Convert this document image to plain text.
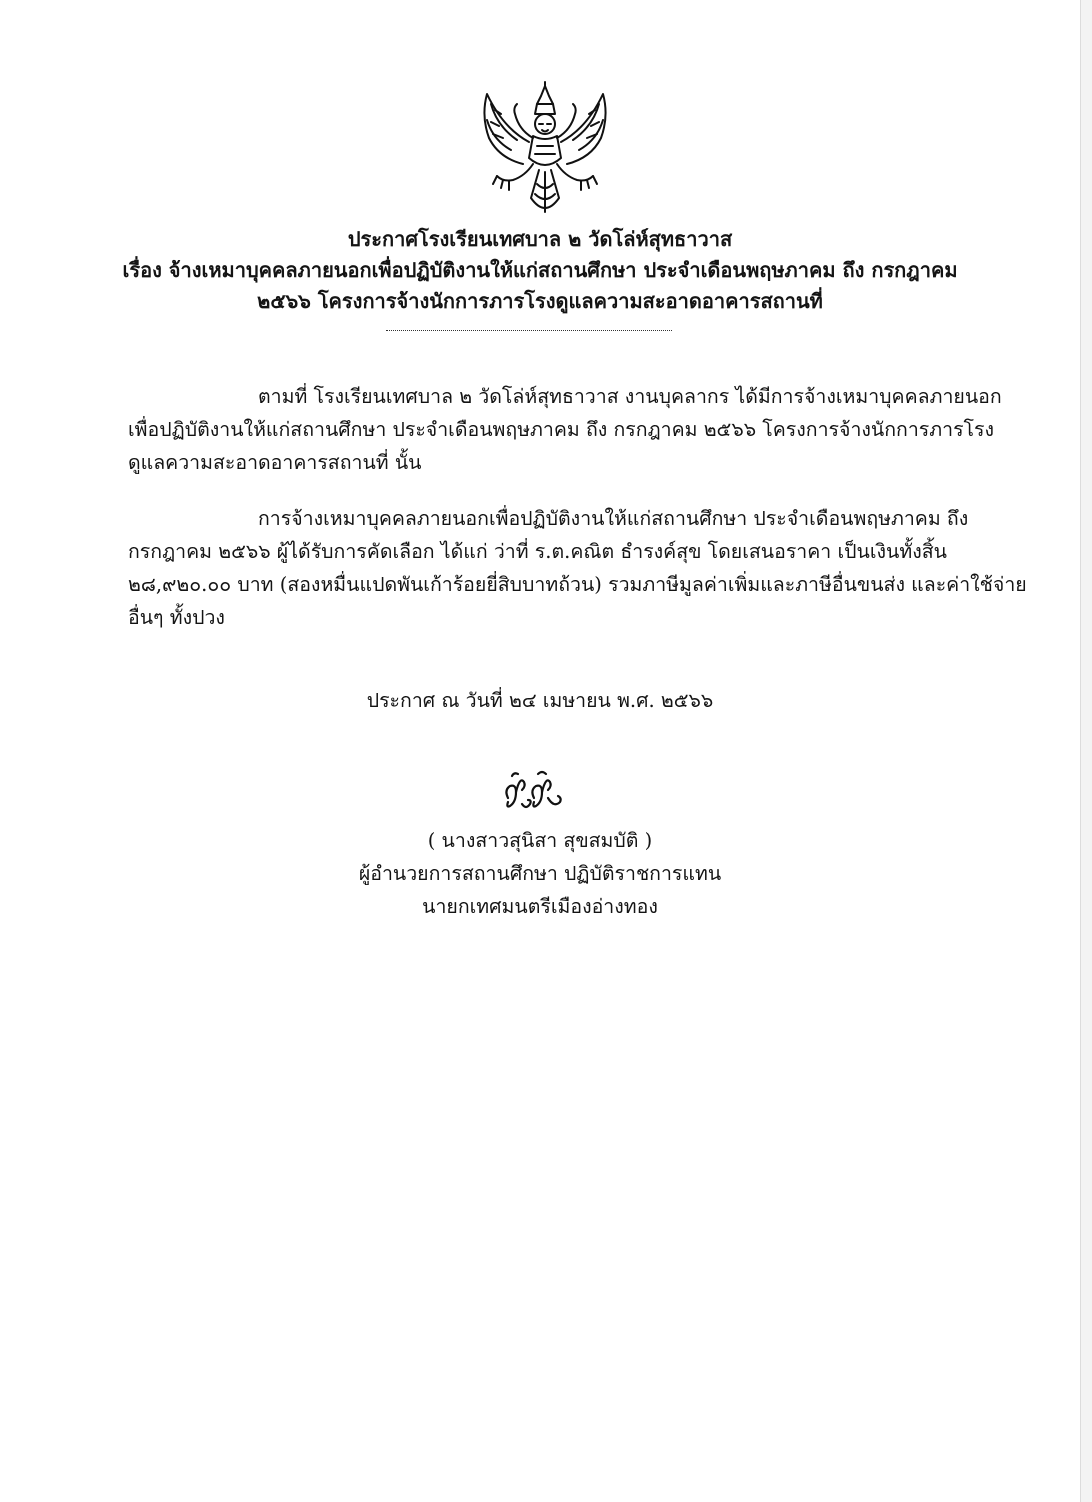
ประกาศโรงเรียนเทศบาล ๒ วัดโล่ห์สุทธาวาส
เรื่อง จ้างเหมาบุคคลภายนอกเพื่อปฏิบัติงานให้แก่สถานศึกษา ประจำเดือนพฤษภาคม ถึง กรกฎาคม
๒๕๖๖ โครงการจ้างนักการภารโรงดูแลความสะอาดอาคารสถานที่
ตามที่ โรงเรียนเทศบาล ๒ วัดโล่ห์สุทธาวาส งานบุคลากร ได้มีการจ้างเหมาบุคคลภายนอก
เพื่อปฏิบัติงานให้แก่สถานศึกษา ประจำเดือนพฤษภาคม ถึง กรกฎาคม ๒๕๖๖ โครงการจ้างนักการภารโรง
ดูแลความสะอาดอาคารสถานที่ นั้น
การจ้างเหมาบุคคลภายนอกเพื่อปฏิบัติงานให้แก่สถานศึกษา ประจำเดือนพฤษภาคม ถึง
กรกฎาคม ๒๕๖๖ ผู้ได้รับการคัดเลือก ได้แก่ ว่าที่ ร.ต.คณิต ธำรงค์สุข โดยเสนอราคา เป็นเงินทั้งสิ้น
๒๘,๙๒๐.๐๐ บาท (สองหมื่นแปดพันเก้าร้อยยี่สิบบาทถ้วน) รวมภาษีมูลค่าเพิ่มและภาษีอื่นขนส่ง และค่าใช้จ่าย
อื่นๆ ทั้งปวง
ประกาศ ณ วันที่ ๒๔ เมษายน พ.ศ. ๒๕๖๖
( นางสาวสุนิสา สุขสมบัติ )
ผู้อำนวยการสถานศึกษา ปฏิบัติราชการแทน
นายกเทศมนตรีเมืองอ่างทอง
